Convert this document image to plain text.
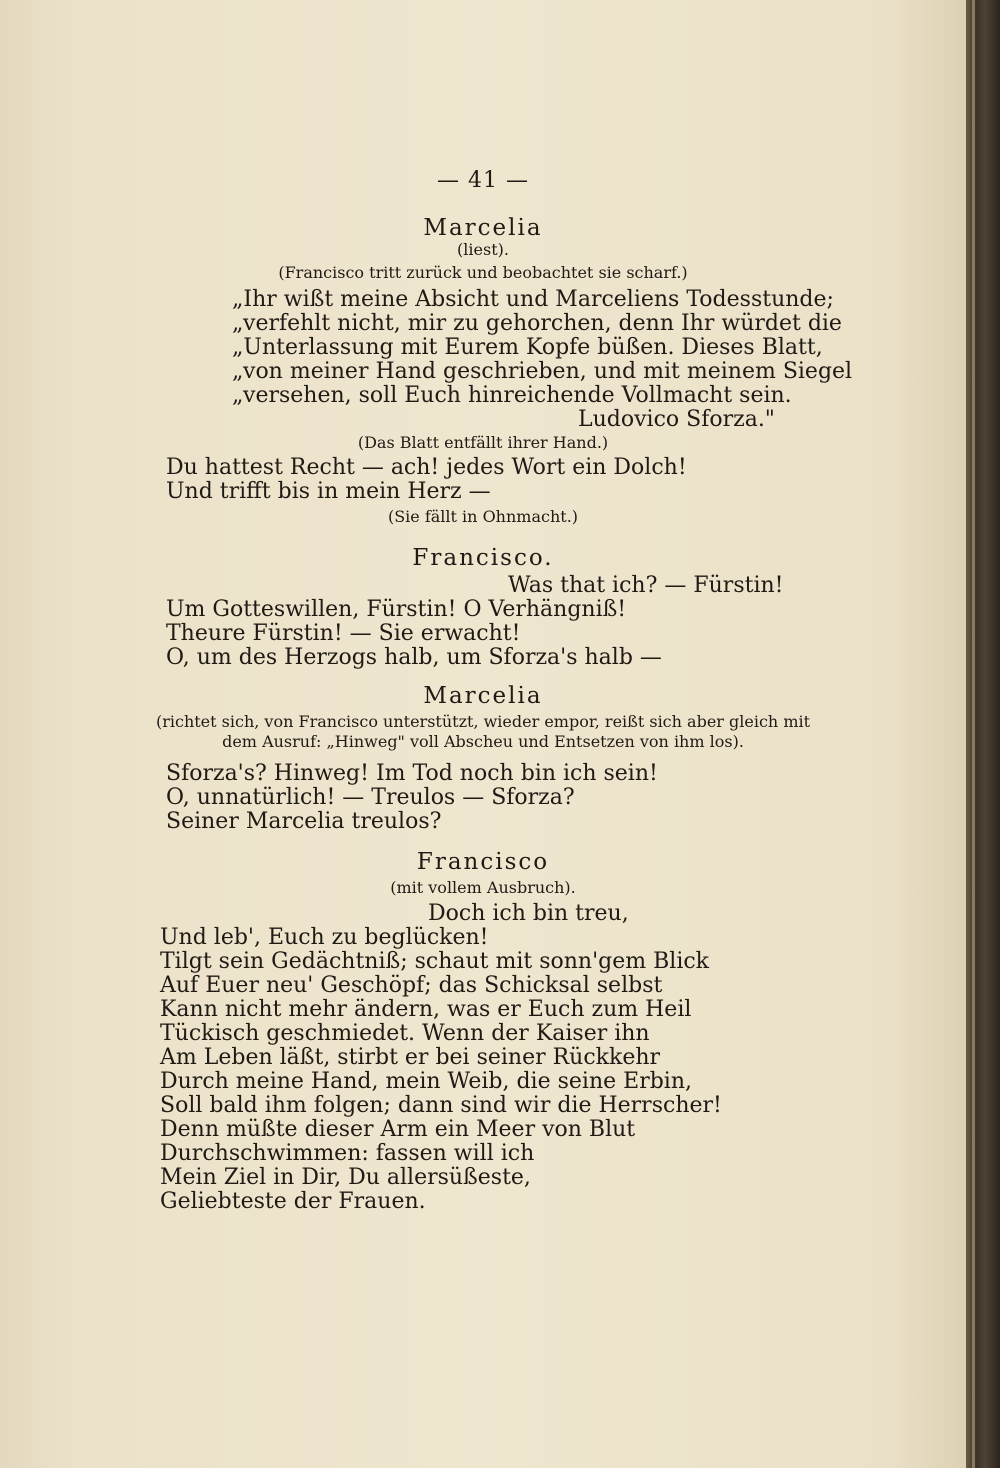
— 41 —
Marcelia
(liest).
(Francisco tritt zurück und beobachtet sie scharf.)
„Ihr wißt meine Absicht und Marceliens Todesstunde;
„verfehlt nicht, mir zu gehorchen, denn Ihr würdet die
„Unterlassung mit Eurem Kopfe büßen. Dieses Blatt,
„von meiner Hand geschrieben, und mit meinem Siegel
„versehen, soll Euch hinreichende Vollmacht sein.
Ludovico Sforza."
(Das Blatt entfällt ihrer Hand.)
Du hattest Recht — ach! jedes Wort ein Dolch!
Und trifft bis in mein Herz —
(Sie fällt in Ohnmacht.)
Francisco.
Was that ich? — Fürstin!
Um Gotteswillen, Fürstin! O Verhängniß!
Theure Fürstin! — Sie erwacht!
O, um des Herzogs halb, um Sforza's halb —
Marcelia
(richtet sich, von Francisco unterstützt, wieder empor, reißt sich aber gleich mit
dem Ausruf: „Hinweg" voll Abscheu und Entsetzen von ihm los).
Sforza's? Hinweg! Im Tod noch bin ich sein!
O, unnatürlich! — Treulos — Sforza?
Seiner Marcelia treulos?
Francisco
(mit vollem Ausbruch).
Doch ich bin treu,
Und leb', Euch zu beglücken!
Tilgt sein Gedächtniß; schaut mit sonn'gem Blick
Auf Euer neu' Geschöpf; das Schicksal selbst
Kann nicht mehr ändern, was er Euch zum Heil
Tückisch geschmiedet. Wenn der Kaiser ihn
Am Leben läßt, stirbt er bei seiner Rückkehr
Durch meine Hand, mein Weib, die seine Erbin,
Soll bald ihm folgen; dann sind wir die Herrscher!
Denn müßte dieser Arm ein Meer von Blut
Durchschwimmen: fassen will ich
Mein Ziel in Dir, Du allersüßeste,
Geliebteste der Frauen.
